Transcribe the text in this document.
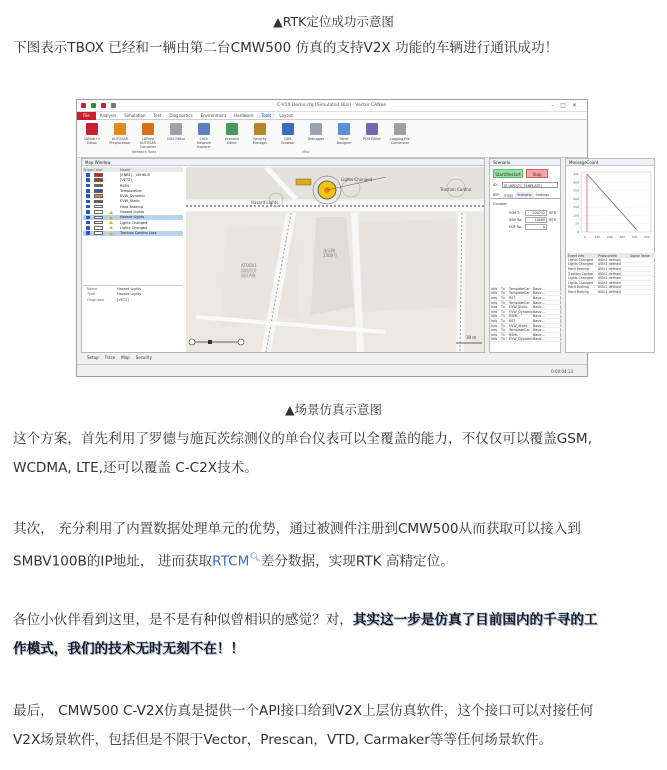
▲RTK定位成功示意图
下图表示TBOX 已经和一辆由第二台CMW500 仿真的支持V2X 功能的车辆进行通讯成功！
C-V2X Demo.cfg [Simulated Bus] · Vector CANoe	–□✕
File	Analysis	Simulation	Test	Diagnostics	Environment	Hardware	Tools	Layout
Network Tools	Misc
CANdb++ Editor
AUTOSAR Preprocessor
LDFexp AUTOSAR Converter
ODX Editor	CaCh Network Explorer
Scenario Editor
Security Manager
CAPL Browser
Debugger	Panel Designer
PDU Editor	Logging File Conversion
Map Window
Show Color	Name
[ENB1] - VEH6U5
[VET2]
RSML
TemplateCar
EVW_Dynamic
EVW_Static
Hard Braking
Hazard Lights
Hazard Lights
Lights Changed
Lights Changed
Traction Control Loss
Name	Hazard Lights
Type	Hazard Lights
Originator	[VET2]
Hazard Lights
Lights Changed
Traction Control
ATOB01 绿地西外园区A座
龙吴路 1500号
30 m
Scenario
Start/Restart	Stop
ID:	[E:\HPD\TC_TEMPLATE]
BSP	介绍信	Scenario	Settings
Counter
SSM T:	200742	MTR
BSM Ra:	10099	MTR
EDP Rx:	0
Info	Tx	TemplateCar Basic...
Info	Tx	TemplateCar Basic...
Info	Tx	RST	Basic...
Info	Tx	TemplateCar Basic...
Info	Tx	EVW_Static	Basic...
Info	Tx	EVW_Dynamic Basic...
Info	Tx	RSML	Basic...
Info	Tx	RST	Basic...
Info	Tx	EVW_Static	Basic...
Info	Tx	TemplateCar Basic...
Info	Tx	RSML	Basic...
Info	Tx	EVW_Dynamic Basic...
MessageCount
350
300
250
200
150
100
50
0
0	100 200 300 400 500
Event Info	ProtocolInfo	Signal Value
Lights Changed	ASN.1 defined
Lights Changed	ASN.1 defined
Hard Braking	ASN.1 defined
Traction Control	ASN.1 defined
Lights Changed	ASN.1 defined
Lights Changed	ASN.1 defined
Hard Braking	ASN.1 defined
Hard Braking	ASN.1 defined
Setup Trace Map Security
0:00:04:13
▲场景仿真示意图
这个方案，首先利用了罗德与施瓦茨综测仪的单台仪表可以全覆盖的能力，不仅仅可以覆盖GSM,
WCDMA, LTE,还可以覆盖 C-C2X技术。
其次， 充分利用了内置数据处理单元的优势，通过被测件注册到CMW500从而获取可以接入到
SMBV100B的IP地址， 进而获取RTCM🔍︎差分数据，实现RTK 高精定位。
各位小伙伴看到这里，是不是有种似曾相识的感觉？对，其实这一步是仿真了目前国内的千寻的工
作模式，我们的技术无时无刻不在！！
最后， CMW500 C-V2X仿真是提供一个API接口给到V2X上层仿真软件，这个接口可以对接任何
V2X场景软件，包括但是不限于Vector，Prescan，VTD, Carmaker等等任何场景软件。
